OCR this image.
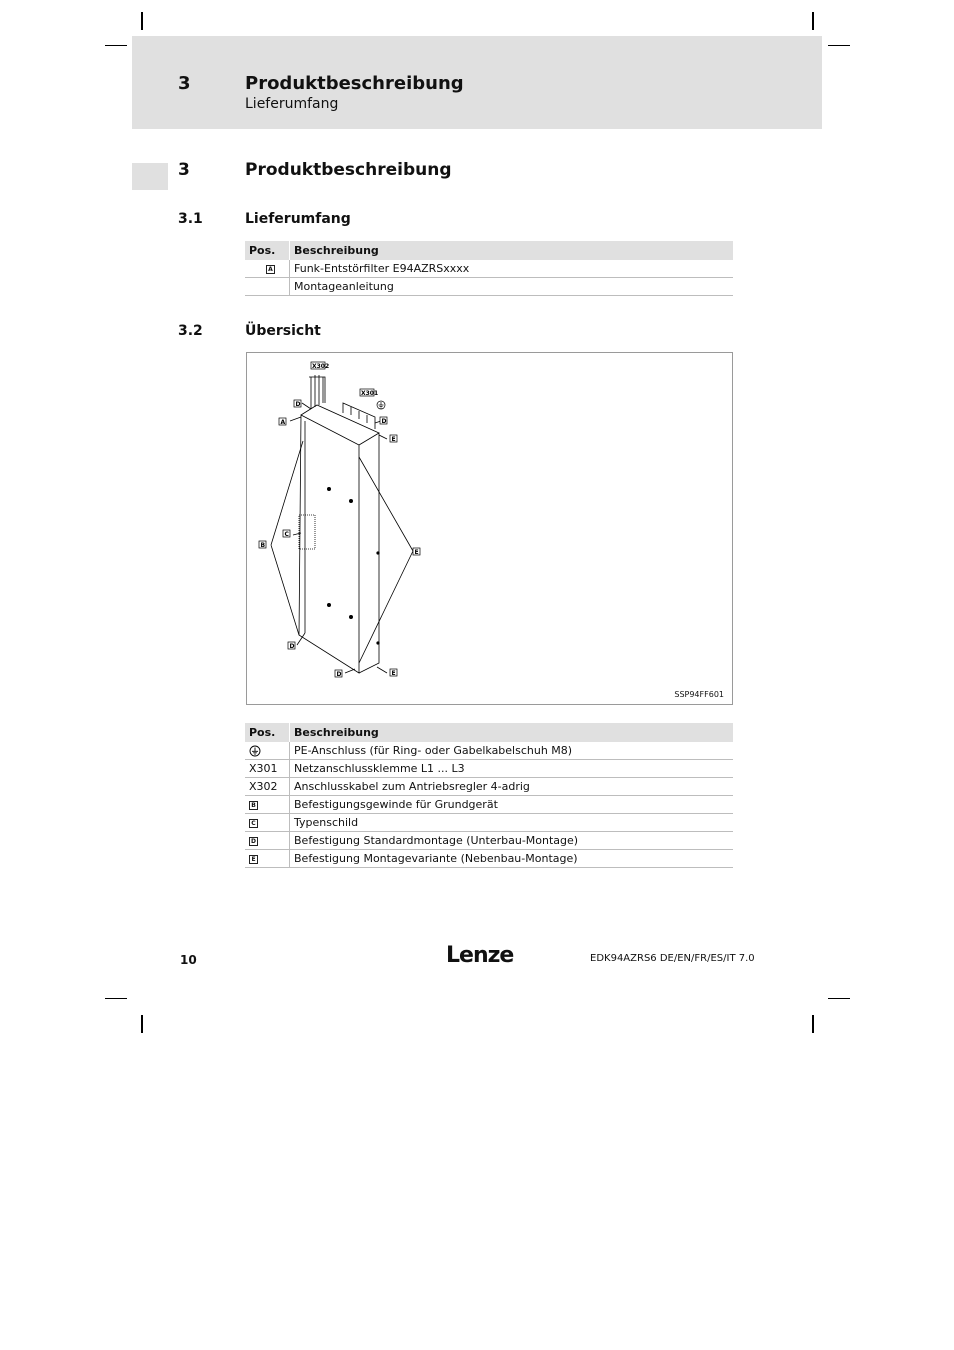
3	Produktbeschreibung
Lieferumfang
3	Produktbeschreibung
3.1	Lieferumfang
Pos.	Beschreibung
A	Funk-Entstörfilter E94AZRSxxxx
	Montageanleitung
3.2	Übersicht
X302
X301
A
B
C
D
D
D
D
E
E
E
SSP94FF601
Pos.	Beschreibung
	PE-Anschluss (für Ring- oder Gabelkabelschuh M8)
X301	Netzanschlussklemme L1 ... L3
X302	Anschlusskabel zum Antriebsregler 4-adrig
B	Befestigungsgewinde für Grundgerät
C	Typenschild
D	Befestigung Standardmontage (Unterbau-Montage)
E	Befestigung Montagevariante (Nebenbau-Montage)
10	Lenze	EDK94AZRS6 DE/EN/FR/ES/IT 7.0
